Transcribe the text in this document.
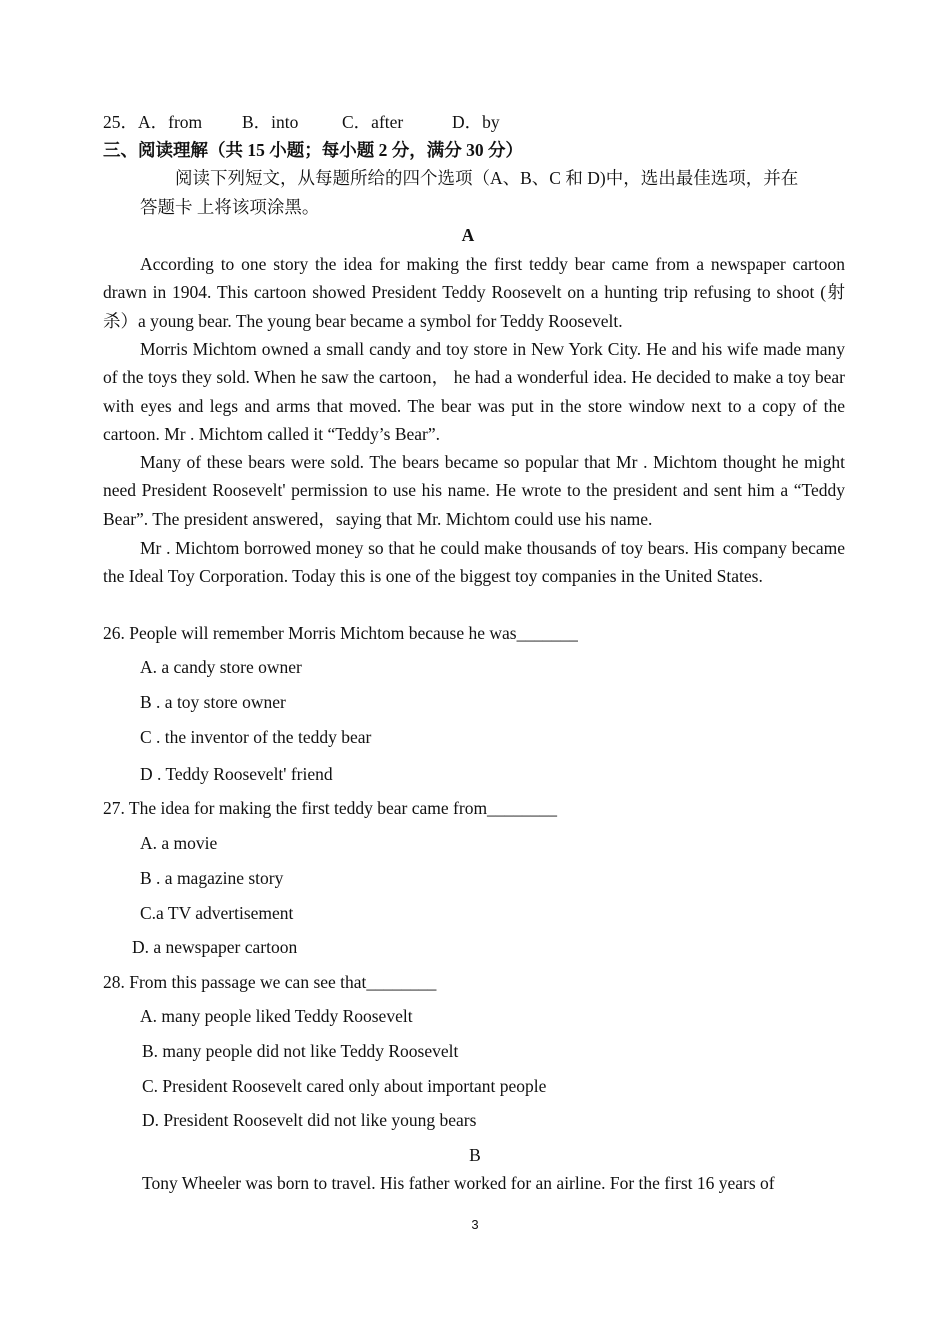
25．A．from B．into C．after	D．by
三、阅读理解（共 15 小题；每小题 2 分，满分 30 分）
阅读下列短文，从每题所给的四个选项（A、B、C 和 D)中，选出最佳选项，并在
答题卡 上将该项涂黑。
A
According to one story the idea for making the first teddy bear came from a newspaper cartoon drawn in 1904. This cartoon showed President Teddy Roosevelt on a hunting trip refusing to shoot (射杀）a young bear. The young bear became a symbol for Teddy Roosevelt.
Morris Michtom owned a small candy and toy store in New York City. He and his wife made many of the toys they sold. When he saw the cartoon， he had a wonderful idea. He decided to make a toy bear with eyes and legs and arms that moved. The bear was put in the store window next to a copy of the cartoon. Mr . Michtom called it “Teddy’s Bear”.
Many of these bears were sold. The bears became so popular that Mr . Michtom thought he might need President Roosevelt' permission to use his name. He wrote to the president and sent him a “Teddy Bear”. The president answered，saying that Mr. Michtom could use his name.
Mr . Michtom borrowed money so that he could make thousands of toy bears. His company became the Ideal Toy Corporation. Today this is one of the biggest toy companies in the United States.
26. People will remember Morris Michtom because he was_______
A. a candy store owner
B . a toy store owner
C . the inventor of the teddy bear
D . Teddy Roosevelt' friend
27. The idea for making the first teddy bear came from________
A. a movie
B . a magazine story
C.a TV advertisement
D. a newspaper cartoon
28. From this passage we can see that________
A. many people liked Teddy Roosevelt
B. many people did not like Teddy Roosevelt
C. President Roosevelt cared only about important people
D. President Roosevelt did not like young bears
B
Tony Wheeler was born to travel. His father worked for an airline. For the first 16 years of
3
